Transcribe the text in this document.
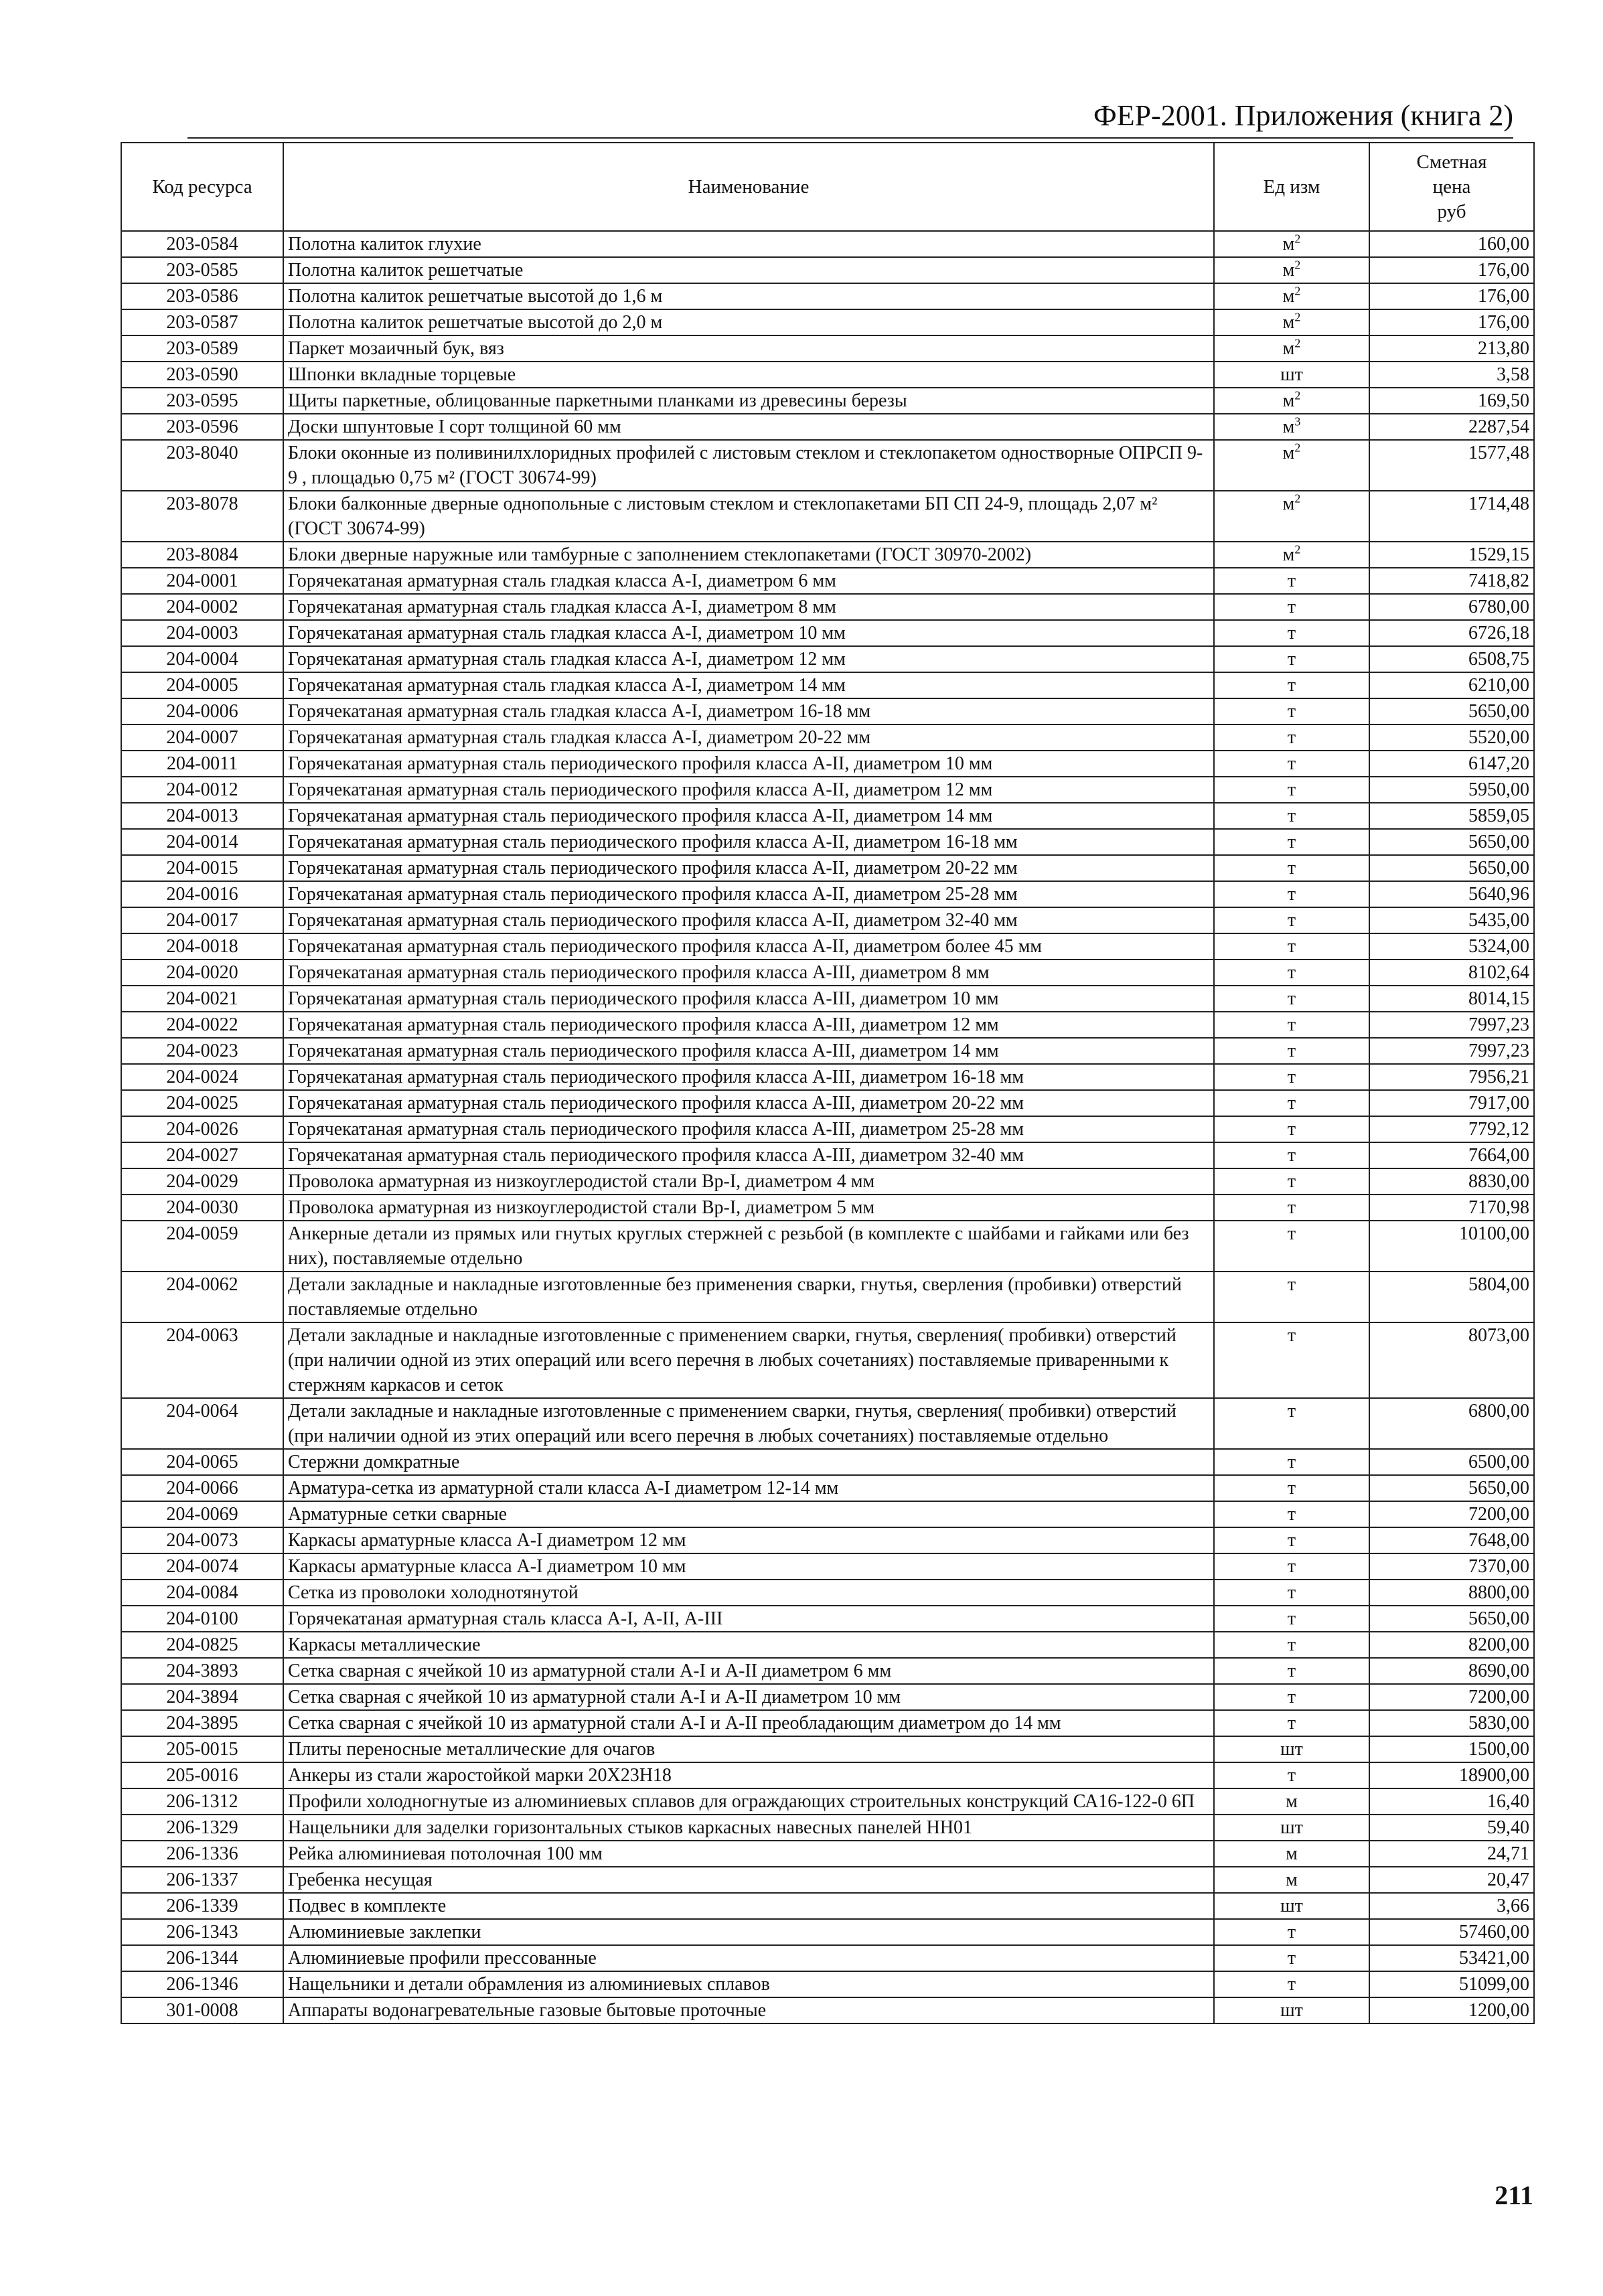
ФЕР-2001. Приложения (книга 2)
Код ресурса	Наименование	Ед изм	Сметная
цена
руб
203-0584	Полотна калиток глухие	$м^2$	160,00
203-0585	Полотна калиток решетчатые	$м^2$	176,00
203-0586	Полотна калиток решетчатые высотой до 1,6 м	$м^2$	176,00
203-0587	Полотна калиток решетчатые высотой до 2,0 м	$м^2$	176,00
203-0589	Паркет мозаичный бук, вяз	$м^2$	213,80
203-0590	Шпонки вкладные торцевые	шт	3,58
203-0595	Щиты паркетные, облицованные паркетными планками из древесины березы	$м^2$	169,50
203-0596	Доски шпунтовые I сорт толщиной 60 мм	$м^3$	2287,54
203-8040	Блоки оконные из поливинилхлоридных профилей с листовым стеклом и стеклопакетом одностворные ОПРСП 9-9 , площадью 0,75 м² (ГОСТ 30674-99)	$м^2$	1577,48
203-8078	Блоки балконные дверные однопольные с листовым стеклом и стеклопакетами БП СП 24-9, площадь 2,07 м² (ГОСТ 30674-99)	$м^2$	1714,48
203-8084	Блоки дверные наружные или тамбурные с заполнением стеклопакетами (ГОСТ 30970-2002)	$м^2$	1529,15
204-0001	Горячекатаная арматурная сталь гладкая класса А-I, диаметром 6 мм	т	7418,82
204-0002	Горячекатаная арматурная сталь гладкая класса А-I, диаметром 8 мм	т	6780,00
204-0003	Горячекатаная арматурная сталь гладкая класса А-I, диаметром 10 мм	т	6726,18
204-0004	Горячекатаная арматурная сталь гладкая класса А-I, диаметром 12 мм	т	6508,75
204-0005	Горячекатаная арматурная сталь гладкая класса А-I, диаметром 14 мм	т	6210,00
204-0006	Горячекатаная арматурная сталь гладкая класса А-I, диаметром 16-18 мм	т	5650,00
204-0007	Горячекатаная арматурная сталь гладкая класса А-I, диаметром 20-22 мм	т	5520,00
204-0011	Горячекатаная арматурная сталь периодического профиля класса А-II, диаметром 10 мм	т	6147,20
204-0012	Горячекатаная арматурная сталь периодического профиля класса А-II, диаметром 12 мм	т	5950,00
204-0013	Горячекатаная арматурная сталь периодического профиля класса А-II, диаметром 14 мм	т	5859,05
204-0014	Горячекатаная арматурная сталь периодического профиля класса А-II, диаметром 16-18 мм	т	5650,00
204-0015	Горячекатаная арматурная сталь периодического профиля класса А-II, диаметром 20-22 мм	т	5650,00
204-0016	Горячекатаная арматурная сталь периодического профиля класса А-II, диаметром 25-28 мм	т	5640,96
204-0017	Горячекатаная арматурная сталь периодического профиля класса А-II, диаметром 32-40 мм	т	5435,00
204-0018	Горячекатаная арматурная сталь периодического профиля класса А-II, диаметром более 45 мм	т	5324,00
204-0020	Горячекатаная арматурная сталь периодического профиля класса А-III, диаметром 8 мм	т	8102,64
204-0021	Горячекатаная арматурная сталь периодического профиля класса А-III, диаметром 10 мм	т	8014,15
204-0022	Горячекатаная арматурная сталь периодического профиля класса А-III, диаметром 12 мм	т	7997,23
204-0023	Горячекатаная арматурная сталь периодического профиля класса А-III, диаметром 14 мм	т	7997,23
204-0024	Горячекатаная арматурная сталь периодического профиля класса А-III, диаметром 16-18 мм	т	7956,21
204-0025	Горячекатаная арматурная сталь периодического профиля класса А-III, диаметром 20-22 мм	т	7917,00
204-0026	Горячекатаная арматурная сталь периодического профиля класса А-III, диаметром 25-28 мм	т	7792,12
204-0027	Горячекатаная арматурная сталь периодического профиля класса А-III, диаметром 32-40 мм	т	7664,00
204-0029	Проволока арматурная из низкоуглеродистой стали Вр-I, диаметром 4 мм	т	8830,00
204-0030	Проволока арматурная из низкоуглеродистой стали Вр-I, диаметром 5 мм	т	7170,98
204-0059	Анкерные детали из прямых или гнутых круглых стержней с резьбой (в комплекте с шайбами и гайками или без них), поставляемые отдельно	т	10100,00
204-0062	Детали закладные и накладные изготовленные без применения сварки, гнутья, сверления (пробивки) отверстий поставляемые отдельно	т	5804,00
204-0063	Детали закладные и накладные изготовленные с применением сварки, гнутья, сверления( пробивки) отверстий (при наличии одной из этих операций или всего перечня в любых сочетаниях) поставляемые приваренными к стержням каркасов и сеток	т	8073,00
204-0064	Детали закладные и накладные изготовленные с применением сварки, гнутья, сверления( пробивки) отверстий (при наличии одной из этих операций или всего перечня в любых сочетаниях) поставляемые отдельно	т	6800,00
204-0065	Стержни домкратные	т	6500,00
204-0066	Арматура-сетка из арматурной стали класса А-I диаметром 12-14 мм	т	5650,00
204-0069	Арматурные сетки сварные	т	7200,00
204-0073	Каркасы арматурные класса А-I диаметром 12 мм	т	7648,00
204-0074	Каркасы арматурные класса А-I диаметром 10 мм	т	7370,00
204-0084	Сетка из проволоки холоднотянутой	т	8800,00
204-0100	Горячекатаная арматурная сталь класса А-I, А-II, А-III	т	5650,00
204-0825	Каркасы металлические	т	8200,00
204-3893	Сетка сварная с ячейкой 10 из арматурной стали А-I и А-II диаметром 6 мм	т	8690,00
204-3894	Сетка сварная с ячейкой 10 из арматурной стали А-I и А-II диаметром 10 мм	т	7200,00
204-3895	Сетка сварная с ячейкой 10 из арматурной стали А-I и А-II преобладающим диаметром до 14 мм	т	5830,00
205-0015	Плиты переносные металлические для очагов	шт	1500,00
205-0016	Анкеры из стали жаростойкой марки 20Х23Н18	т	18900,00
206-1312	Профили холодногнутые из алюминиевых сплавов для ограждающих строительных конструкций СА16-122-0 6П	м	16,40
206-1329	Нащельники для заделки горизонтальных стыков каркасных навесных панелей НН01	шт	59,40
206-1336	Рейка алюминиевая потолочная 100 мм	м	24,71
206-1337	Гребенка несущая	м	20,47
206-1339	Подвес в комплекте	шт	3,66
206-1343	Алюминиевые заклепки	т	57460,00
206-1344	Алюминиевые профили прессованные	т	53421,00
206-1346	Нащельники и детали обрамления из алюминиевых сплавов	т	51099,00
301-0008	Аппараты водонагревательные газовые бытовые проточные	шт	1200,00
211
